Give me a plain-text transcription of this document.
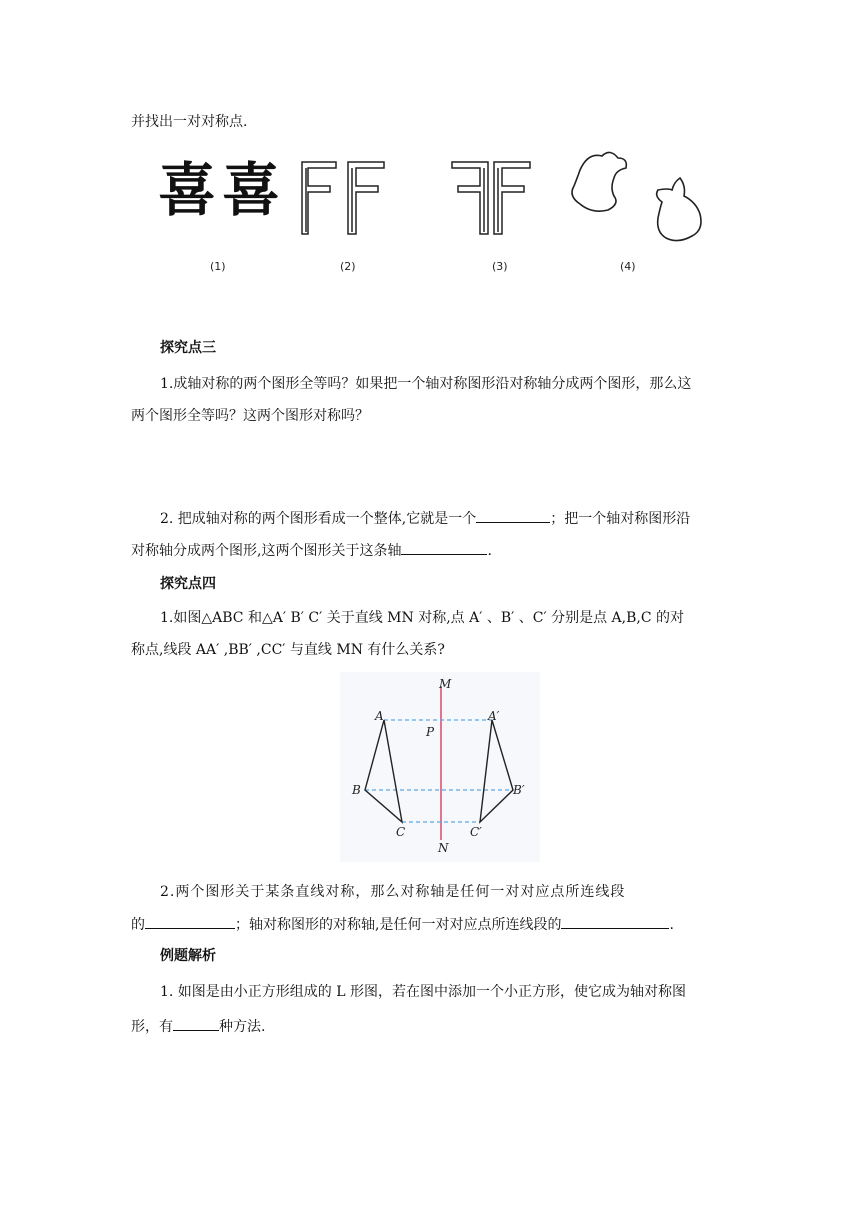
并找出一对对称点.
喜 喜
(1)	(2)	(3)	(4)
探究点三
1.成轴对称的两个图形全等吗？如果把一个轴对称图形沿对称轴分成两个图形，那么这
两个图形全等吗？这两个图形对称吗？
2. 把成轴对称的两个图形看成一个整体,它就是一个	；把一个轴对称图形沿
对称轴分成两个图形,这两个图形关于这条轴	.
探究点四
1.如图△ABC 和△A′ B′ C′ 关于直线 MN 对称,点 A′ 、B′ 、C′ 分别是点 A,B,C 的对
称点,线段 AA′ ,BB′ ,CC′ 与直线 MN 有什么关系?
M
N
P
A
B
C
A′
B′
C′
2.两个图形关于某条直线对称，那么对称轴是任何一对对应点所连线段
的	；轴对称图形的对称轴,是任何一对对应点所连线段的	.
例题解析
1. 如图是由小正方形组成的 L 形图，若在图中添加一个小正方形，使它成为轴对称图
形，有	种方法.
